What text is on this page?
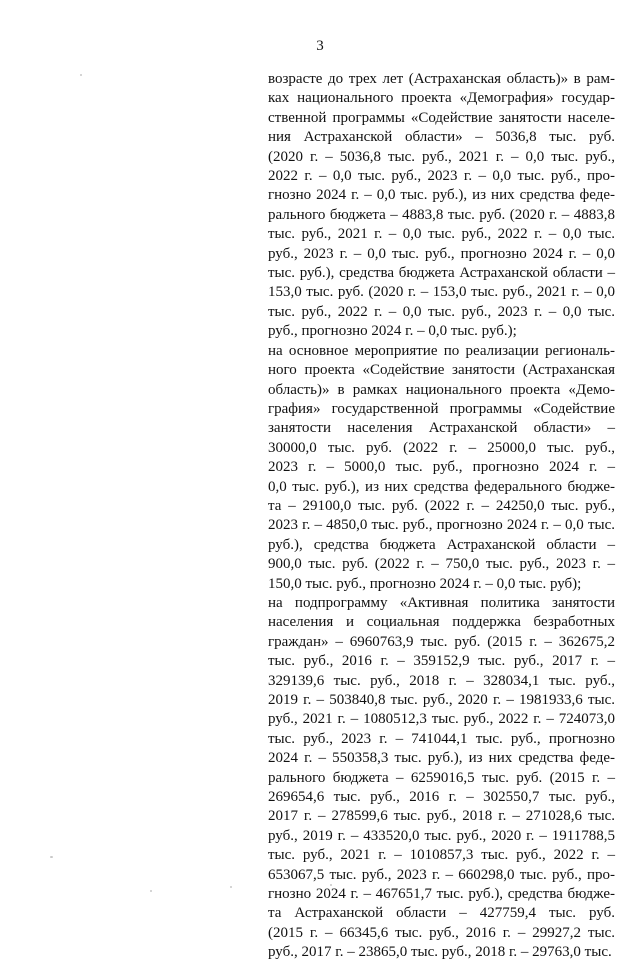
3
возрасте до трех лет (Астраханская область)» в рам-
ках национального проекта «Демография» государ-
ственной программы «Содействие занятости населе-
ния Астраханской области» – 5036,8 тыс. руб.
(2020 г. – 5036,8 тыс. руб., 2021 г. – 0,0 тыс. руб.,
2022 г. – 0,0 тыс. руб., 2023 г. – 0,0 тыс. руб., про-
гнозно 2024 г. – 0,0 тыс. руб.), из них средства феде-
рального бюджета – 4883,8 тыс. руб. (2020 г. – 4883,8
тыс. руб., 2021 г. – 0,0 тыс. руб., 2022 г. – 0,0 тыс.
руб., 2023 г. – 0,0 тыс. руб., прогнозно 2024 г. – 0,0
тыс. руб.), средства бюджета Астраханской области –
153,0 тыс. руб. (2020 г. – 153,0 тыс. руб., 2021 г. – 0,0
тыс. руб., 2022 г. – 0,0 тыс. руб., 2023 г. – 0,0 тыс.
руб., прогнозно 2024 г. – 0,0 тыс. руб.);
на основное мероприятие по реализации региональ-
ного проекта «Содействие занятости (Астраханская
область)» в рамках национального проекта «Демо-
графия» государственной программы «Содействие
занятости населения Астраханской области» –
30000,0 тыс. руб. (2022 г. – 25000,0 тыс. руб.,
2023 г. – 5000,0 тыс. руб., прогнозно 2024 г. –
0,0 тыс. руб.), из них средства федерального бюдже-
та – 29100,0 тыс. руб. (2022 г. – 24250,0 тыс. руб.,
2023 г. – 4850,0 тыс. руб., прогнозно 2024 г. – 0,0 тыс.
руб.), средства бюджета Астраханской области –
900,0 тыс. руб. (2022 г. – 750,0 тыс. руб., 2023 г. –
150,0 тыс. руб., прогнозно 2024 г. – 0,0 тыс. руб);
на подпрограмму «Активная политика занятости
населения и социальная поддержка безработных
граждан» – 6960763,9 тыс. руб. (2015 г. – 362675,2
тыс. руб., 2016 г. – 359152,9 тыс. руб., 2017 г. –
329139,6 тыс. руб., 2018 г. – 328034,1 тыс. руб.,
2019 г. – 503840,8 тыс. руб., 2020 г. – 1981933,6 тыс.
руб., 2021 г. – 1080512,3 тыс. руб., 2022 г. – 724073,0
тыс. руб., 2023 г. – 741044,1 тыс. руб., прогнозно
2024 г. – 550358,3 тыс. руб.), из них средства феде-
рального бюджета – 6259016,5 тыс. руб. (2015 г. –
269654,6 тыс. руб., 2016 г. – 302550,7 тыс. руб.,
2017 г. – 278599,6 тыс. руб., 2018 г. – 271028,6 тыс.
руб., 2019 г. – 433520,0 тыс. руб., 2020 г. – 1911788,5
тыс. руб., 2021 г. – 1010857,3 тыс. руб., 2022 г. –
653067,5 тыс. руб., 2023 г. – 660298,0 тыс. руб., про-
гнозно 2024 г. – 467651,7 тыс. руб.), средства бюдже-
та Астраханской области – 427759,4 тыс. руб.
(2015 г. – 66345,6 тыс. руб., 2016 г. – 29927,2 тыс.
руб., 2017 г. – 23865,0 тыс. руб., 2018 г. – 29763,0 тыс.
